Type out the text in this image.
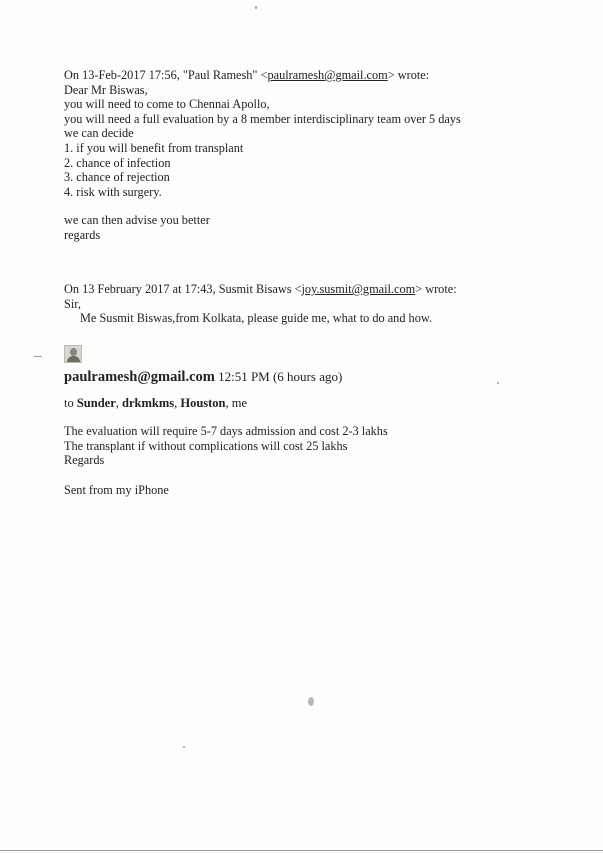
On 13-Feb-2017 17:56, "Paul Ramesh" <paulramesh@gmail.com> wrote:
Dear Mr Biswas,
you will need to come to Chennai Apollo,
you will need a full evaluation by a 8 member interdisciplinary team over 5 days
we can decide
1. if you will benefit from transplant
2. chance of infection
3. chance of rejection
4. risk with surgery.
we can then advise you better
regards
On 13 February 2017 at 17:43, Susmit Bisaws <joy.susmit@gmail.com> wrote:
Sir,
Me Susmit Biswas,from Kolkata, please guide me, what to do and how.
paulramesh@gmail.com 12:51 PM (6 hours ago)
to Sunder, drkmkms, Houston, me
The evaluation will require 5-7 days admission and cost 2-3 lakhs
The transplant if without complications will cost 25 lakhs
Regards
Sent from my iPhone
